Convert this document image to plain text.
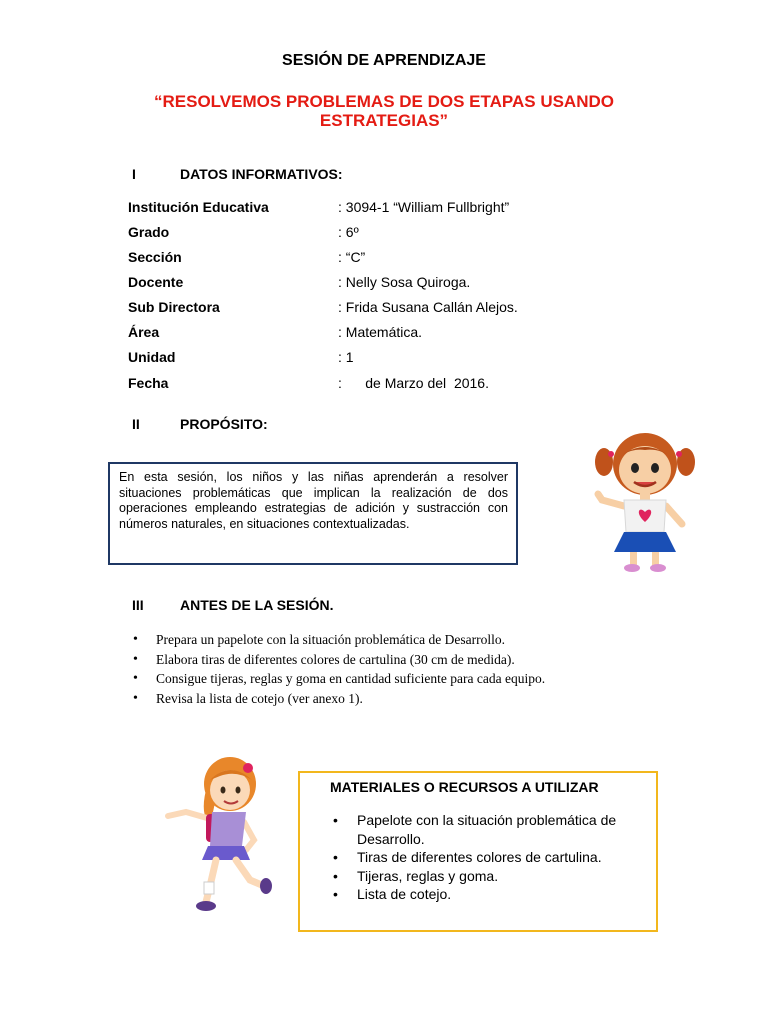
SESIÓN DE APRENDIZAJE
“RESOLVEMOS PROBLEMAS DE DOS ETAPAS USANDO ESTRATEGIAS”
I	DATOS INFORMATIVOS:
Institución Educativa	: 3094-1 “William Fullbright”
Grado	: 6º
Sección	: “C”
Docente	: Nelly Sosa Quiroga.
Sub Directora	: Frida Susana Callán Alejos.
Área	: Matemática.
Unidad	: 1
Fecha	:      de Marzo del  2016.
II	PROPÓSITO:
En esta sesión, los niños y las niñas aprenderán a resolver situaciones problemáticas que implican la realización de dos operaciones empleando estrategias de adición y sustracción con números naturales, en situaciones contextualizadas.
III	ANTES DE LA SESIÓN.
• Prepara un papelote con la situación problemática de Desarrollo.
• Elabora tiras de diferentes colores de cartulina (30 cm de medida).
• Consigue tijeras, reglas y goma en cantidad suficiente para cada equipo.
• Revisa la lista de cotejo (ver anexo 1).
MATERIALES O RECURSOS A UTILIZAR
• Papelote con la situación problemática de Desarrollo.
• Tiras de diferentes colores de cartulina.
• Tijeras, reglas y goma.
• Lista de cotejo.
